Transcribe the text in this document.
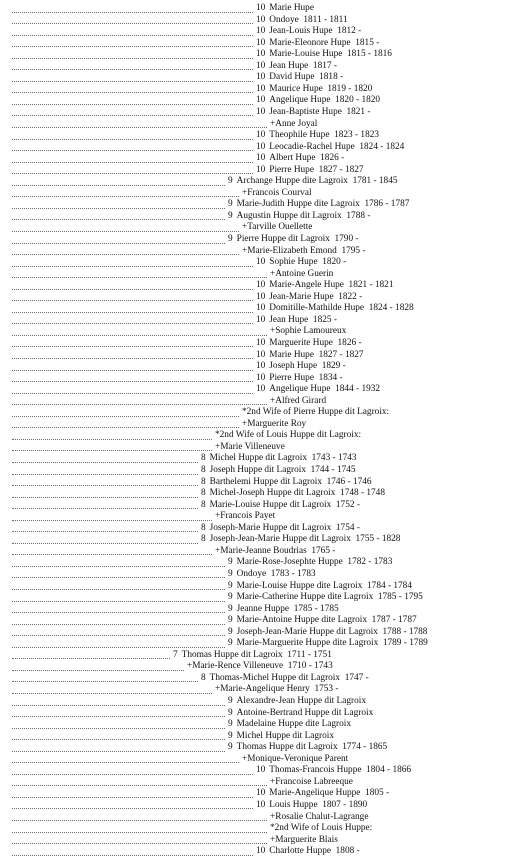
10 Marie Hupe
10 Ondoye  1811 - 1811
10 Jean-Louis Hupe  1812 -
10 Marie-Eleonore Hupe  1815 -
10 Marie-Louise Hupe  1815 - 1816
10 Jean Hupe  1817 -
10 David Hupe  1818 -
10 Maurice Hupe  1819 - 1820
10 Angelique Hupe  1820 - 1820
10 Jean-Baptiste Hupe  1821 -
+Anne Joyal
10 Theophile Hupe  1823 - 1823
10 Leocadie-Rachel Hupe  1824 - 1824
10 Albert Hupe  1826 -
10 Pierre Hupe  1827 - 1827
9 Archange Huppe dite Lagroix  1781 - 1845
+Francois Courval
9 Marie-Judith Huppe dite Lagroix  1786 - 1787
9 Augustin Huppe dit Lagroix  1788 -
+Tarville Ouellette
9 Pierre Huppe dit Lagroix  1790 -
+Marie-Elizabeth Emond  1795 -
10 Sophie Hupe  1820 -
+Antoine Guerin
10 Marie-Angele Hupe  1821 - 1821
10 Jean-Marie Hupe  1822 -
10 Domitille-Mathilde Hupe  1824 - 1828
10 Jean Hupe  1825 -
+Sophie Lamoureux
10 Marguerite Hupe  1826 -
10 Marie Hupe  1827 - 1827
10 Joseph Hupe  1829 -
10 Pierre Hupe  1834 -
10 Angelique Hupe  1844 - 1932
+Alfred Girard
*2nd Wife of Pierre Huppe dit Lagroix:
+Marguerite Roy
*2nd Wife of Louis Huppe dit Lagroix:
+Marie Villeneuve
8 Michel Huppe dit Lagroix  1743 - 1743
8 Joseph Huppe dit Lagroix  1744 - 1745
8 Barthelemi Huppe dit Lagroix  1746 - 1746
8 Michel-Joseph Huppe dit Lagroix  1748 - 1748
8 Marie-Louise Huppe dit Lagroix  1752 -
+Francois Payet
8 Joseph-Marie Huppe dit Lagroix  1754 -
8 Joseph-Jean-Marie Huppe dit Lagroix  1755 - 1828
+Marie-Jeanne Boudrias  1765 -
9 Marie-Rose-Josephte Huppe  1782 - 1783
9 Ondoye  1783 - 1783
9 Marie-Louise Huppe dite Lagroix  1784 - 1784
9 Marie-Catherine Huppe dite Lagroix  1785 - 1795
9 Jeanne Huppe  1785 - 1785
9 Marie-Antoine Huppe dite Lagroix  1787 - 1787
9 Joseph-Jean-Marie Huppe dit Lagroix  1788 - 1788
9 Marie-Marguerite Huppe dite Lagroix  1789 - 1789
7 Thomas Huppe dit Lagroix  1711 - 1751
+Marie-Rence Villeneuve  1710 - 1743
8 Thomas-Michel Huppe dit Lagroix  1747 -
+Marie-Angelique Henry  1753 -
9 Alexandre-Jean Huppe dit Lagroix
9 Antoine-Bertrand Huppe dit Lagroix
9 Madelaine Huppe dite Lagroix
9 Michel Huppe dit Lagroix
9 Thomas Huppe dit Lagroix  1774 - 1865
+Monique-Veronique Parent
10 Thomas-Francois Huppe  1804 - 1866
+Francoise Labreeque
10 Marie-Angelique Huppe  1805 -
10 Louis Huppe  1807 - 1890
+Rosalie Chalut-Lagrange
*2nd Wife of Louis Huppe:
+Marguerite Blais
10 Charlotte Huppe  1808 -
